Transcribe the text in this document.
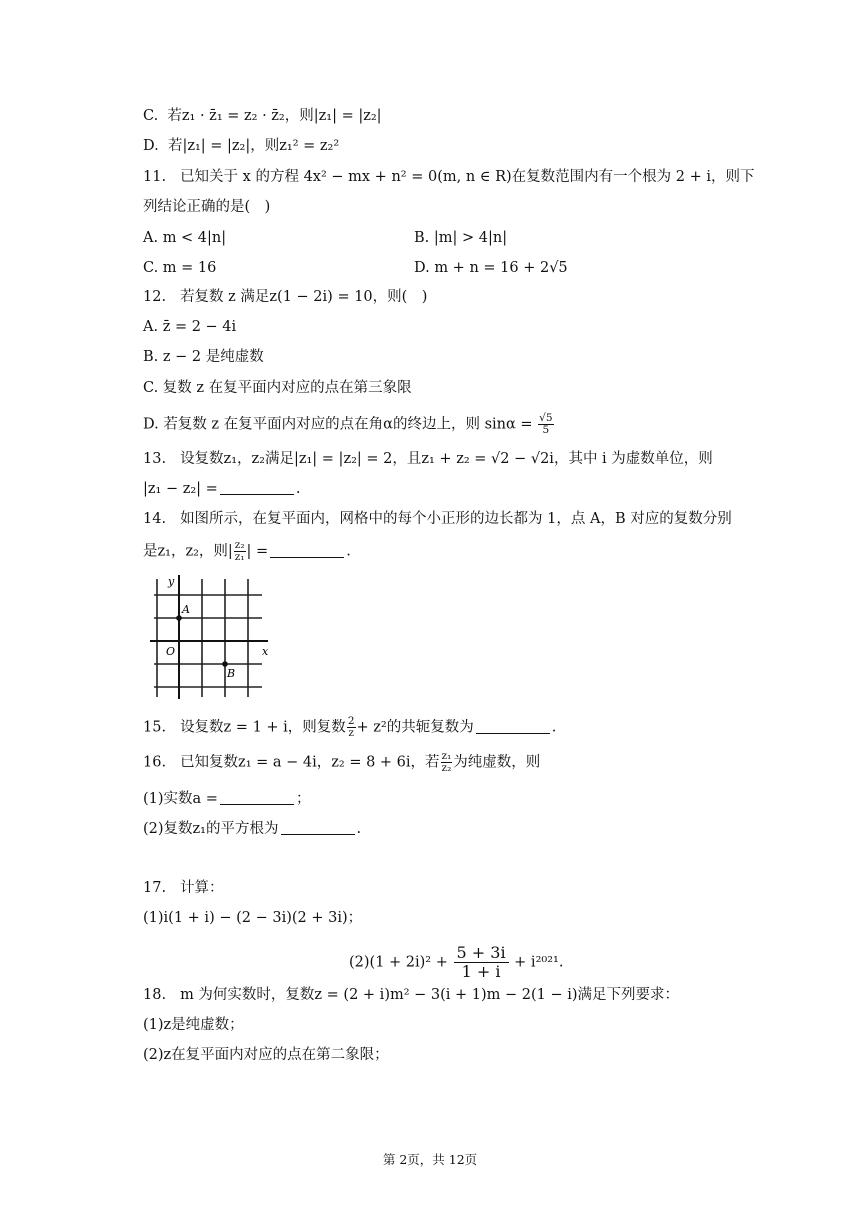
C. 若z₁ · z̄₁ = z₂ · z̄₂，则|z₁| = |z₂|
D. 若|z₁| = |z₂|，则z₁² = z₂²
11. 已知关于 x 的方程 4x² − mx + n² = 0(m, n ∈ R)在复数范围内有一个根为 2 + i，则下
列结论正确的是(　)
A. m < 4|n|	B. |m| > 4|n|
C. m = 16	D. m + n = 16 + 2√5
12. 若复数 z 满足z(1 − 2i) = 10，则(　)
A. z̄ = 2 − 4i
B. z − 2 是纯虚数
C. 复数 z 在复平面内对应的点在第三象限
D. 若复数 z 在复平面内对应的点在角α的终边上，则 $\sin\alpha = \frac{√5}{5}$
13. 设复数z₁，z₂满足|z₁| = |z₂| = 2，且z₁ + z₂ = √2 − √2i，其中 i 为虚数单位，则
|z₁ − z₂| =	.
14. 如图所示，在复平面内，网格中的每个小正形的边长都为 1，点 A，B 对应的复数分别
是z₁，z₂，则| $\frac{\text{z₂}}{\text{z₁}}$ | =	.
y
x
O
A
B
15. 设复数z = 1 + i，则复数 $\frac{2}{z} + z^2$的共轭复数为	.
16. 已知复数z₁ = a − 4i，z₂ = 8 + 6i，若 $\frac{\text{z₁}}{\text{z₂}}$ 为纯虚数，则
(1)实数a =	；
(2)复数z₁的平方根为	.
17. 计算：
(1)i(1 + i) − (2 − 3i)(2 + 3i)；
$(2)(1 + 2i)^2 + \frac{5 + 3i}{1 + i} + i^{2021}$.
18. m 为何实数时，复数z = (2 + i)m² − 3(i + 1)m − 2(1 − i)满足下列要求：
(1)z是纯虚数；
(2)z在复平面内对应的点在第二象限；
第 2页，共 12页
